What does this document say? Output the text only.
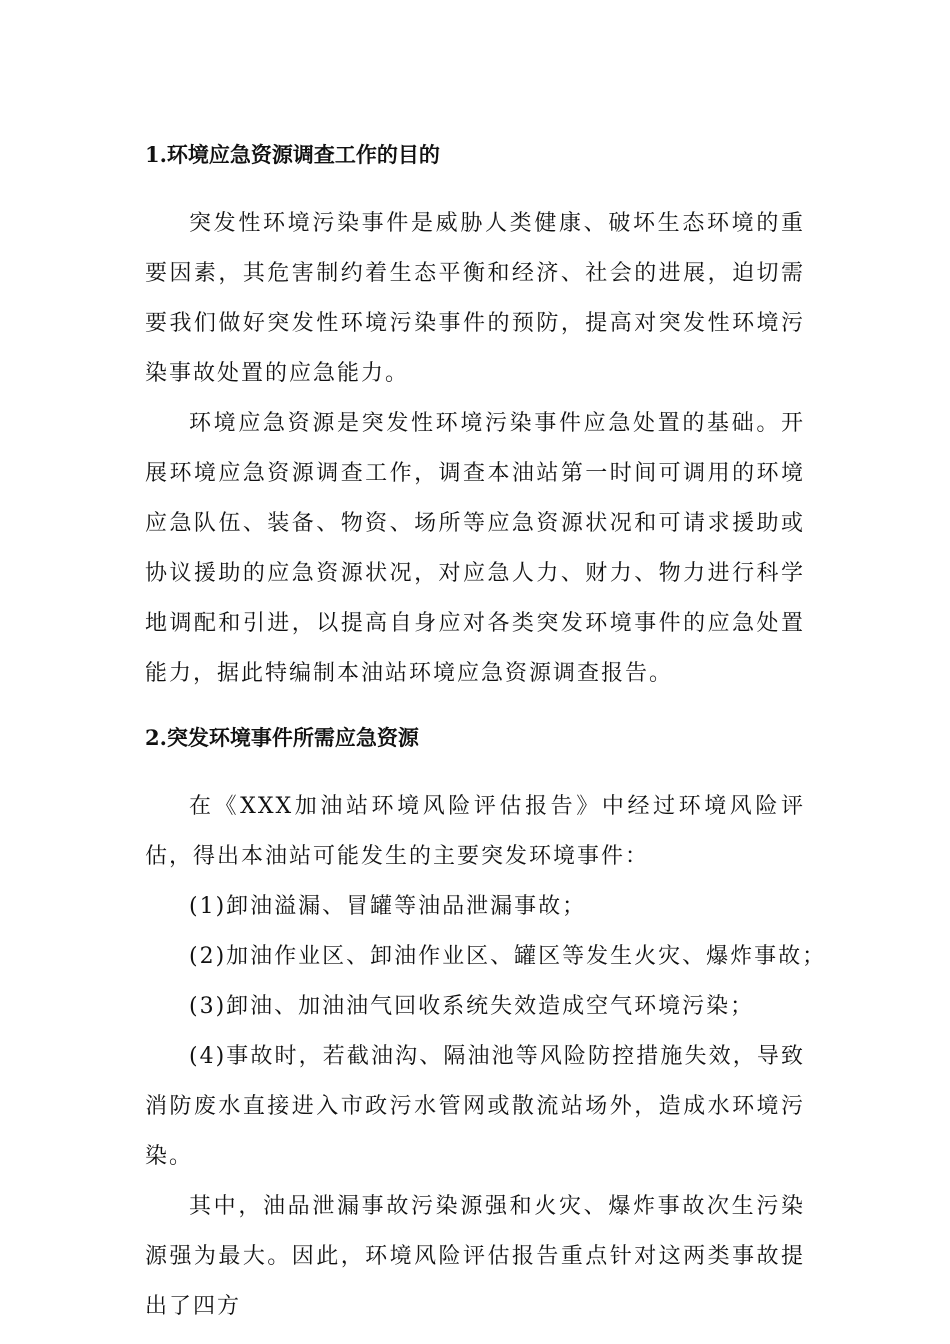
1.环境应急资源调查工作的目的

突发性环境污染事件是威胁人类健康、破坏生态环境的重要因素，其危害制约着生态平衡和经济、社会的进展，迫切需要我们做好突发性环境污染事件的预防，提高对突发性环境污染事故处置的应急能力。

环境应急资源是突发性环境污染事件应急处置的基础。开展环境应急资源调查工作，调查本油站第一时间可调用的环境应急队伍、装备、物资、场所等应急资源状况和可请求援助或协议援助的应急资源状况，对应急人力、财力、物力进行科学地调配和引进，以提高自身应对各类突发环境事件的应急处置能力，据此特编制本油站环境应急资源调查报告。

2.突发环境事件所需应急资源

在《XXX加油站环境风险评估报告》中经过环境风险评估，得出本油站可能发生的主要突发环境事件：

(1)卸油溢漏、冒罐等油品泄漏事故；

(2)加油作业区、卸油作业区、罐区等发生火灾、爆炸事故；

(3)卸油、加油油气回收系统失效造成空气环境污染；

(4)事故时，若截油沟、隔油池等风险防控措施失效，导致消防废水直接进入市政污水管网或散流站场外，造成水环境污染。

其中，油品泄漏事故污染源强和火灾、爆炸事故次生污染源强为最大。因此，环境风险评估报告重点针对这两类事故提出了四方
